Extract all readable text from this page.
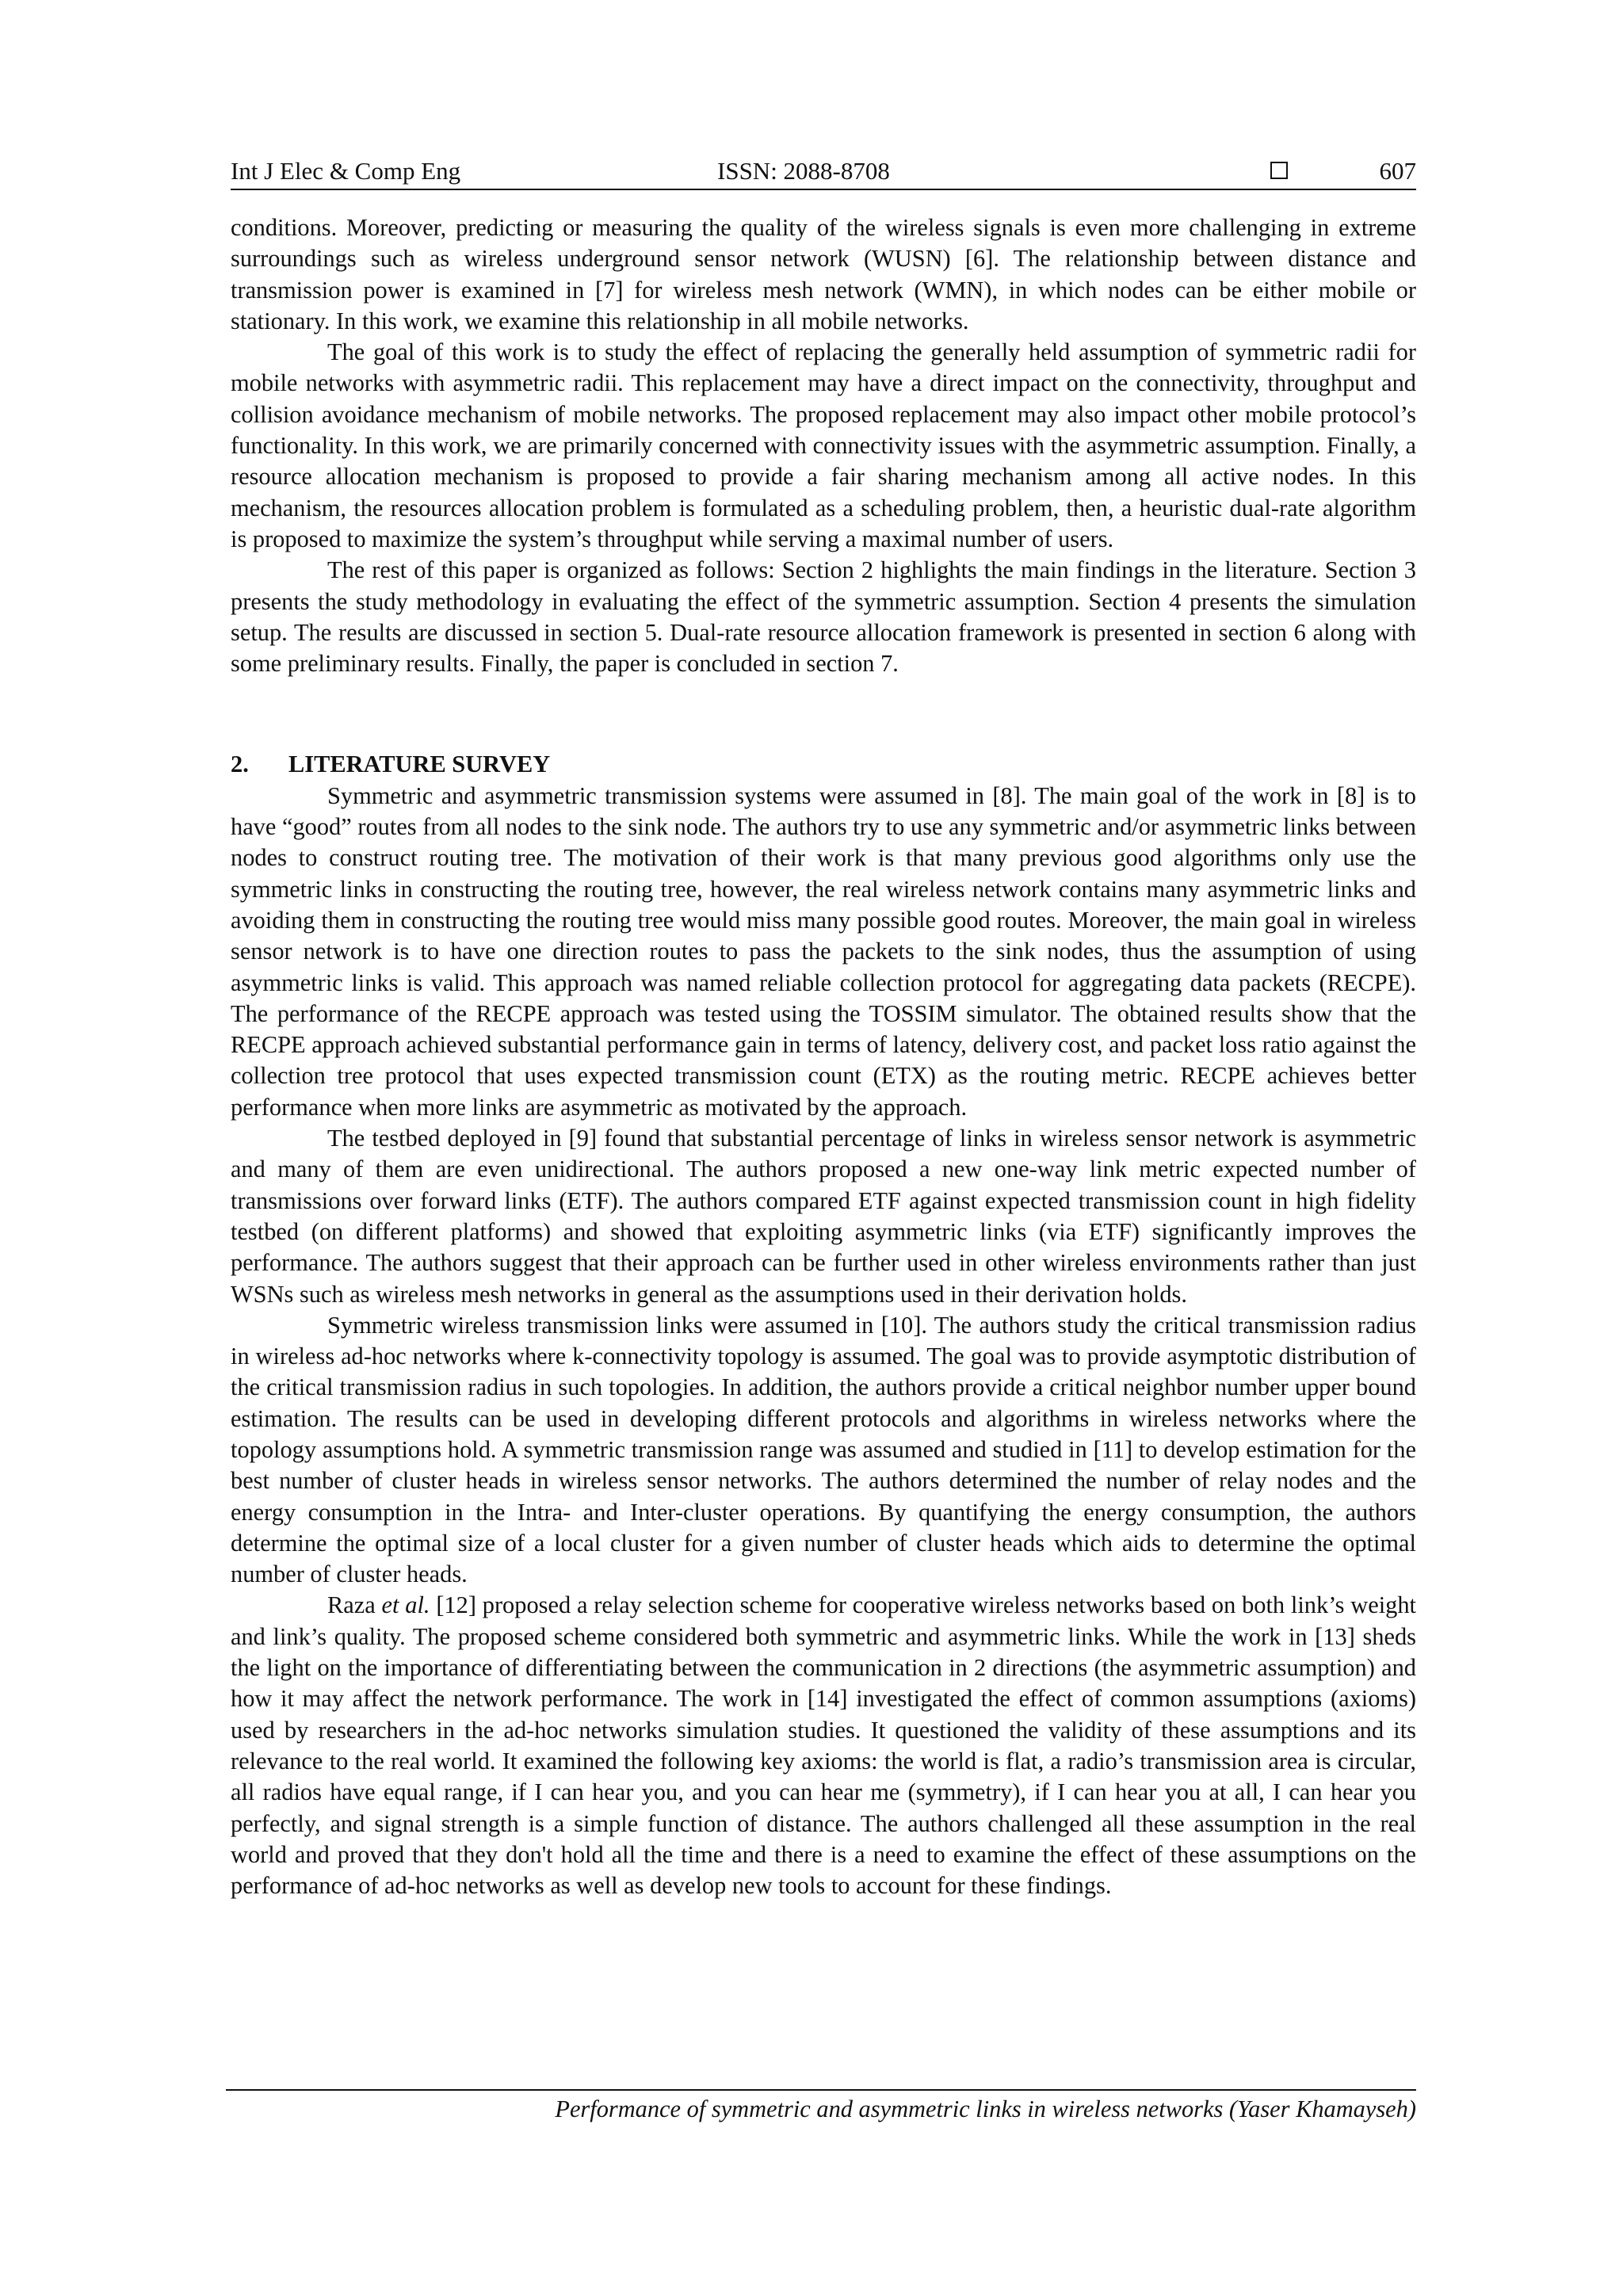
Int J Elec & Comp Eng	ISSN: 2088-8708	607

conditions. Moreover, predicting or measuring the quality of the wireless signals is even more challenging in extreme surroundings such as wireless underground sensor network (WUSN) [6]. The relationship between distance and transmission power is examined in [7] for wireless mesh network (WMN), in which nodes can be either mobile or stationary. In this work, we examine this relationship in all mobile networks.

The goal of this work is to study the effect of replacing the generally held assumption of symmetric radii for mobile networks with asymmetric radii. This replacement may have a direct impact on the connectivity, throughput and collision avoidance mechanism of mobile networks. The proposed replacement may also impact other mobile protocol’s functionality. In this work, we are primarily concerned with connectivity issues with the asymmetric assumption. Finally, a resource allocation mechanism is proposed to provide a fair sharing mechanism among all active nodes. In this mechanism, the resources allocation problem is formulated as a scheduling problem, then, a heuristic dual-rate algorithm is proposed to maximize the system’s throughput while serving a maximal number of users.

The rest of this paper is organized as follows: Section 2 highlights the main findings in the literature. Section 3 presents the study methodology in evaluating the effect of the symmetric assumption. Section 4 presents the simulation setup. The results are discussed in section 5. Dual-rate resource allocation framework is presented in section 6 along with some preliminary results. Finally, the paper is concluded in section 7.

2. LITERATURE SURVEY

Symmetric and asymmetric transmission systems were assumed in [8]. The main goal of the work in [8] is to have “good” routes from all nodes to the sink node. The authors try to use any symmetric and/or asymmetric links between nodes to construct routing tree. The motivation of their work is that many previous good algorithms only use the symmetric links in constructing the routing tree, however, the real wireless network contains many asymmetric links and avoiding them in constructing the routing tree would miss many possible good routes. Moreover, the main goal in wireless sensor network is to have one direction routes to pass the packets to the sink nodes, thus the assumption of using asymmetric links is valid. This approach was named reliable collection protocol for aggregating data packets (RECPE). The performance of the RECPE approach was tested using the TOSSIM simulator. The obtained results show that the RECPE approach achieved substantial performance gain in terms of latency, delivery cost, and packet loss ratio against the collection tree protocol that uses expected transmission count (ETX) as the routing metric. RECPE achieves better performance when more links are asymmetric as motivated by the approach.

The testbed deployed in [9] found that substantial percentage of links in wireless sensor network is asymmetric and many of them are even unidirectional. The authors proposed a new one-way link metric expected number of transmissions over forward links (ETF). The authors compared ETF against expected transmission count in high fidelity testbed (on different platforms) and showed that exploiting asymmetric links (via ETF) significantly improves the performance. The authors suggest that their approach can be further used in other wireless environments rather than just WSNs such as wireless mesh networks in general as the assumptions used in their derivation holds.

Symmetric wireless transmission links were assumed in [10]. The authors study the critical transmission radius in wireless ad-hoc networks where k-connectivity topology is assumed. The goal was to provide asymptotic distribution of the critical transmission radius in such topologies. In addition, the authors provide a critical neighbor number upper bound estimation. The results can be used in developing different protocols and algorithms in wireless networks where the topology assumptions hold. A symmetric transmission range was assumed and studied in [11] to develop estimation for the best number of cluster heads in wireless sensor networks. The authors determined the number of relay nodes and the energy consumption in the Intra- and Inter-cluster operations. By quantifying the energy consumption, the authors determine the optimal size of a local cluster for a given number of cluster heads which aids to determine the optimal number of cluster heads.

Raza et al. [12] proposed a relay selection scheme for cooperative wireless networks based on both link’s weight and link’s quality. The proposed scheme considered both symmetric and asymmetric links. While the work in [13] sheds the light on the importance of differentiating between the communication in 2 directions (the asymmetric assumption) and how it may affect the network performance. The work in [14] investigated the effect of common assumptions (axioms) used by researchers in the ad-hoc networks simulation studies. It questioned the validity of these assumptions and its relevance to the real world. It examined the following key axioms: the world is flat, a radio’s transmission area is circular, all radios have equal range, if I can hear you, and you can hear me (symmetry), if I can hear you at all, I can hear you perfectly, and signal strength is a simple function of distance. The authors challenged all these assumption in the real world and proved that they don't hold all the time and there is a need to examine the effect of these assumptions on the performance of ad-hoc networks as well as develop new tools to account for these findings.

Performance of symmetric and asymmetric links in wireless networks (Yaser Khamayseh)
